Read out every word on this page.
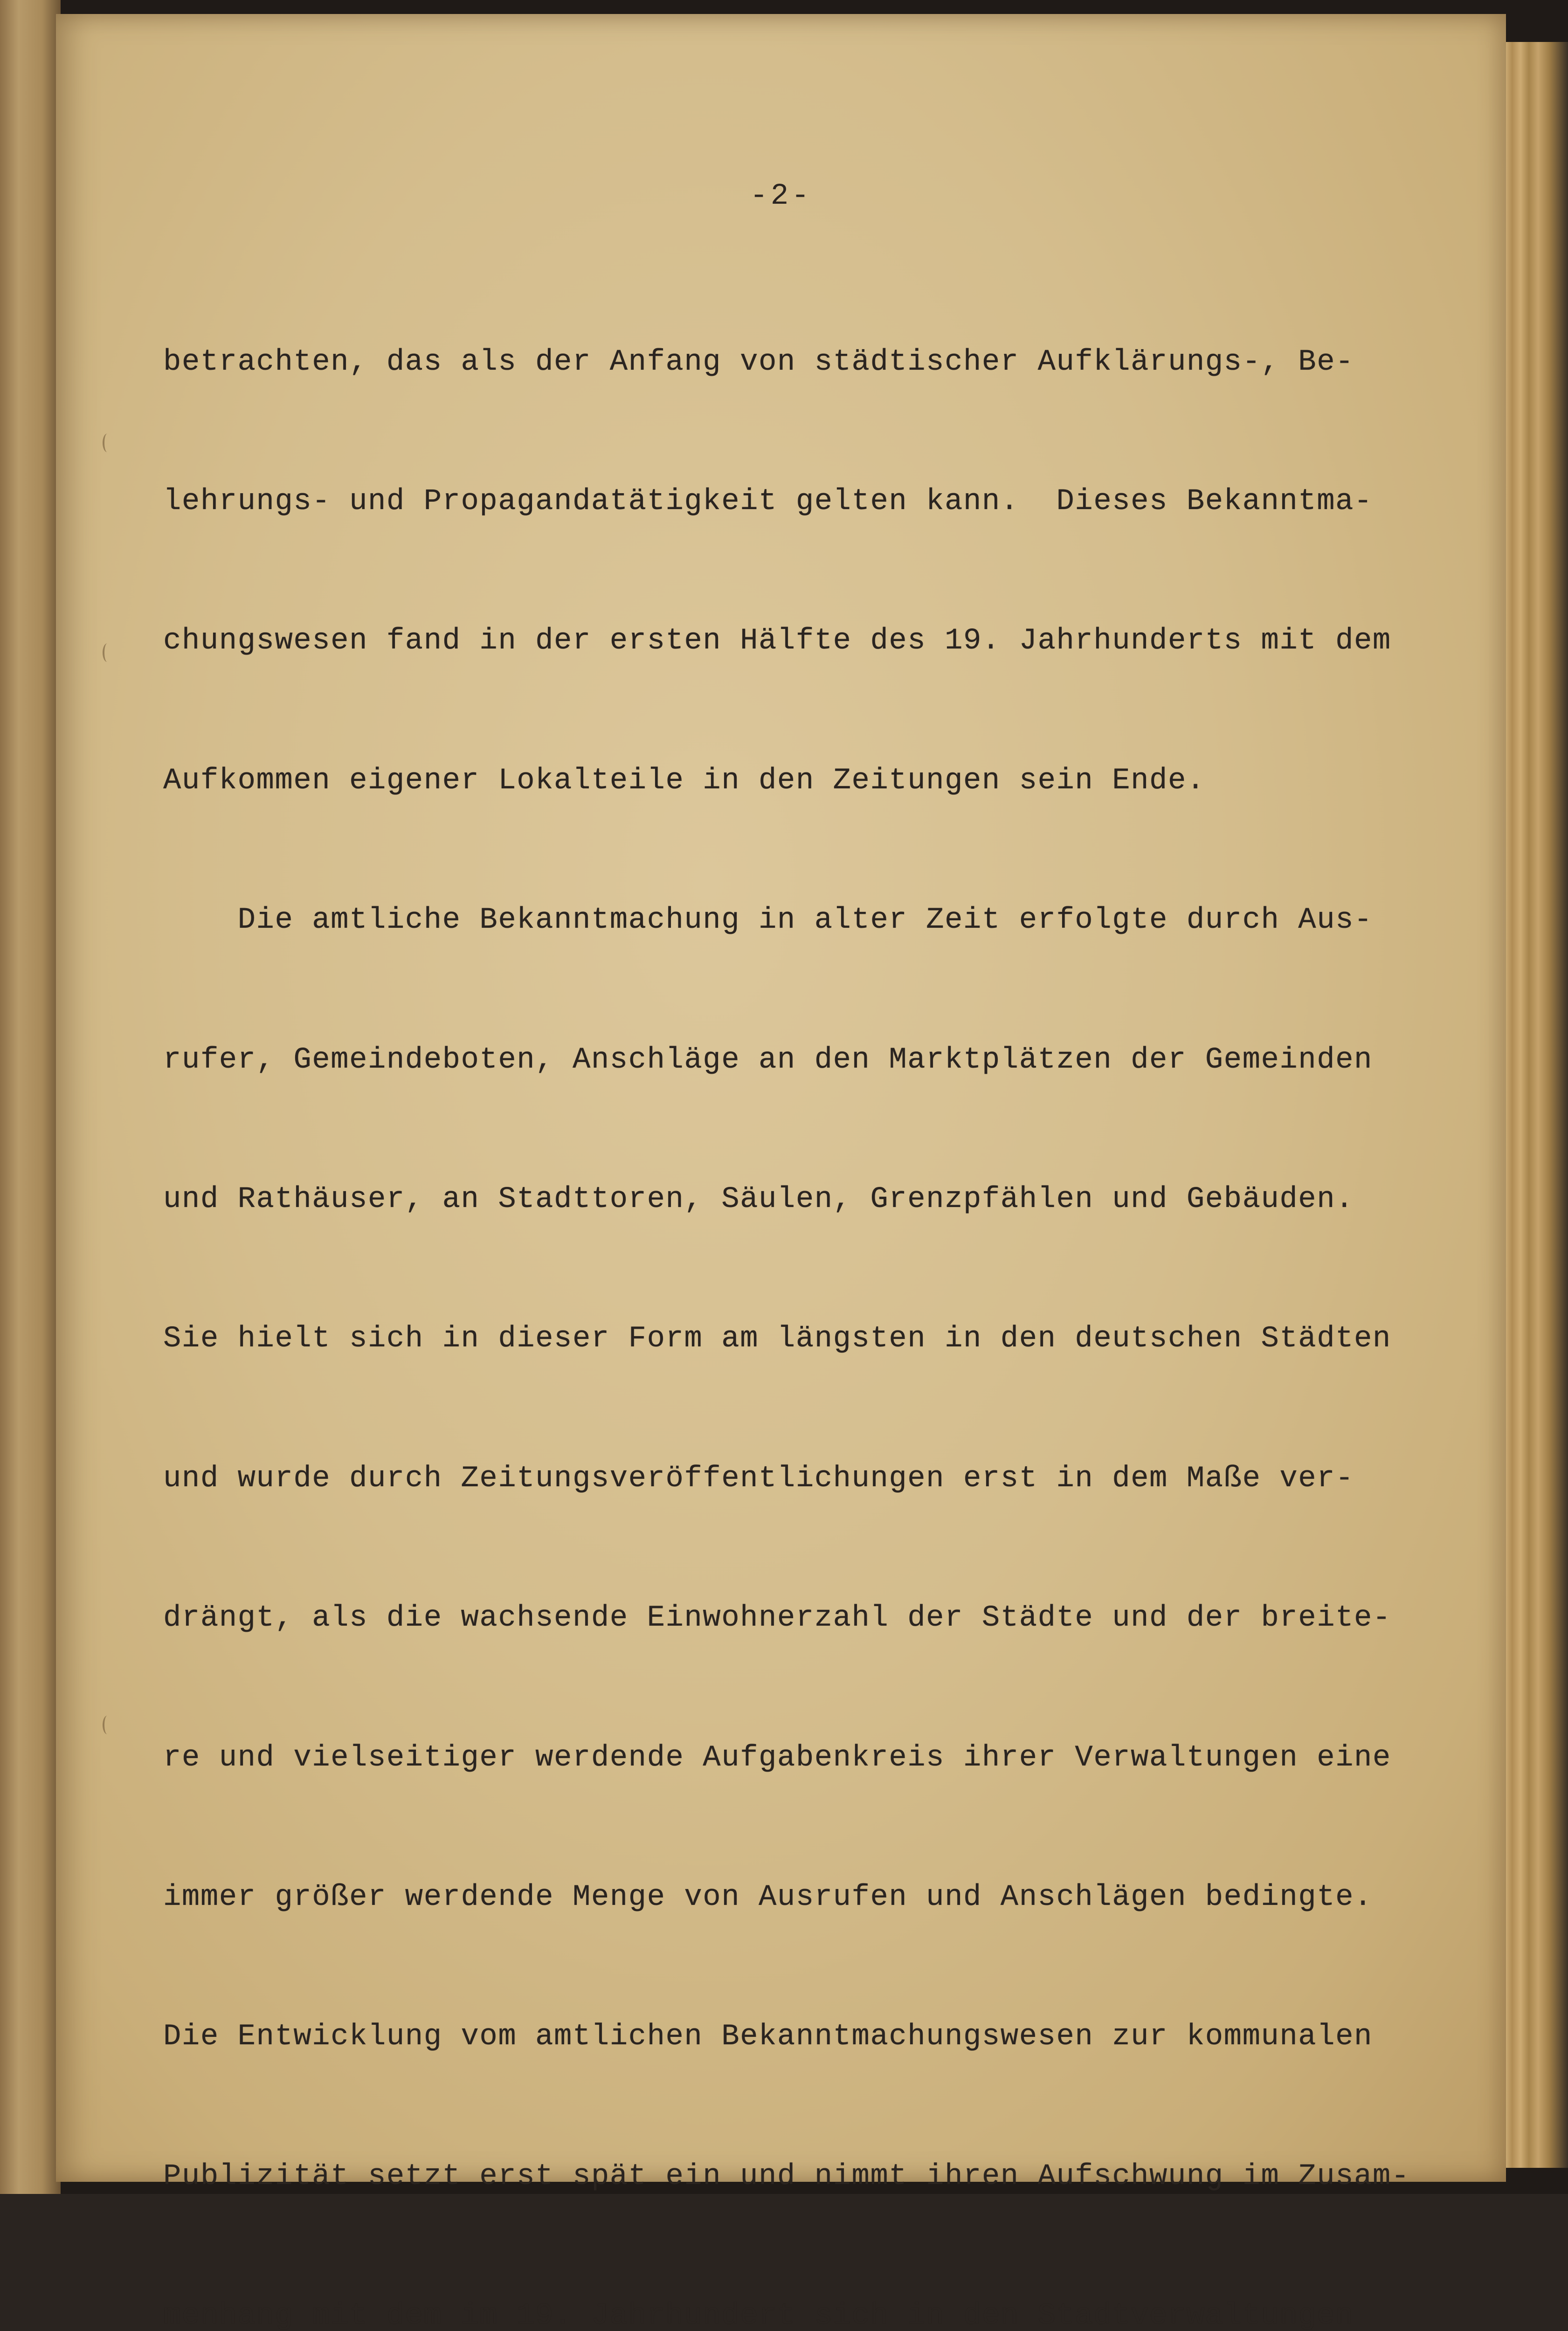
-2-

betrachten, das als der Anfang von städtischer Aufklärungs-, Be-

lehrungs- und Propagandatätigkeit gelten kann.  Dieses Bekanntma-

chungswesen fand in der ersten Hälfte des 19. Jahrhunderts mit dem

Aufkommen eigener Lokalteile in den Zeitungen sein Ende.

Die amtliche Bekanntmachung in alter Zeit erfolgte durch Aus-

rufer, Gemeindeboten, Anschläge an den Marktplätzen der Gemeinden

und Rathäuser, an Stadttoren, Säulen, Grenzpfählen und Gebäuden.

Sie hielt sich in dieser Form am längsten in den deutschen Städten

und wurde durch Zeitungsveröffentlichungen erst in dem Maße ver-

drängt, als die wachsende Einwohnerzahl der Städte und der breite-

re und vielseitiger werdende Aufgabenkreis ihrer Verwaltungen eine

immer größer werdende Menge von Ausrufen und Anschlägen bedingte.

Die Entwicklung vom amtlichen Bekanntmachungswesen zur kommunalen

Publizität setzt erst spät ein und nimmt ihren Aufschwung im Zusam-

menhang mit dem im 19. Jahrhundert sich in den Stadtverwaltungen
